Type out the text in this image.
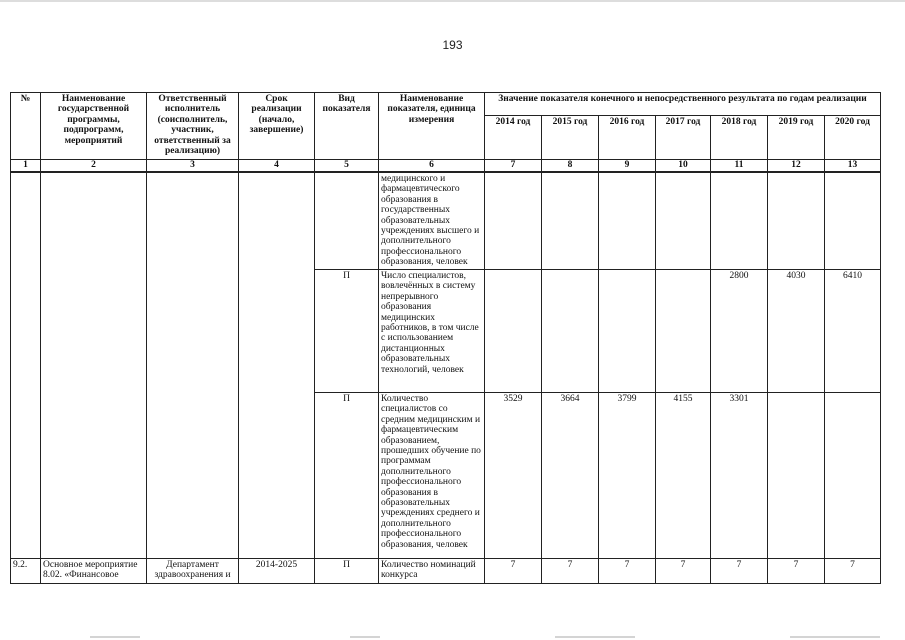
193
№	Наименование государственной программы, подпрограмм, мероприятий	Ответственный исполнитель (соисполнитель, участник, ответственный за реализацию)	Срок реализации (начало, завершение)	Вид показателя	Наименование показателя, единица измерения	Значение показателя конечного и непосредственного результата по годам реализации						
						2014 год	2015 год	2016 год	2017 год	2018 год	2019 год	2020 год
1	2	3	4	5	6	7	8	9	10	11	12	13
					медицинского и фармацевтического образования в государственных образовательных учреждениях высшего и дополнительного профессионального образования, человек							
				П	Число специалистов, вовлечённых в систему непрерывного образования медицинских работников, в том числе с использованием дистанционных образовательных технологий, человек					2800	4030	6410
				П	Количество специалистов со средним медицинским и фармацевтическим образованием, прошедших обучение по программам дополнительного профессионального образования в образовательных учреждениях среднего и дополнительного профессионального образования, человек	3529	3664	3799	4155	3301		
9.2.	Основное мероприятие 8.02. «Финансовое	Департамент здравоохранения и	2014-2025	П	Количество номинаций конкурса	7	7	7	7	7	7	7
